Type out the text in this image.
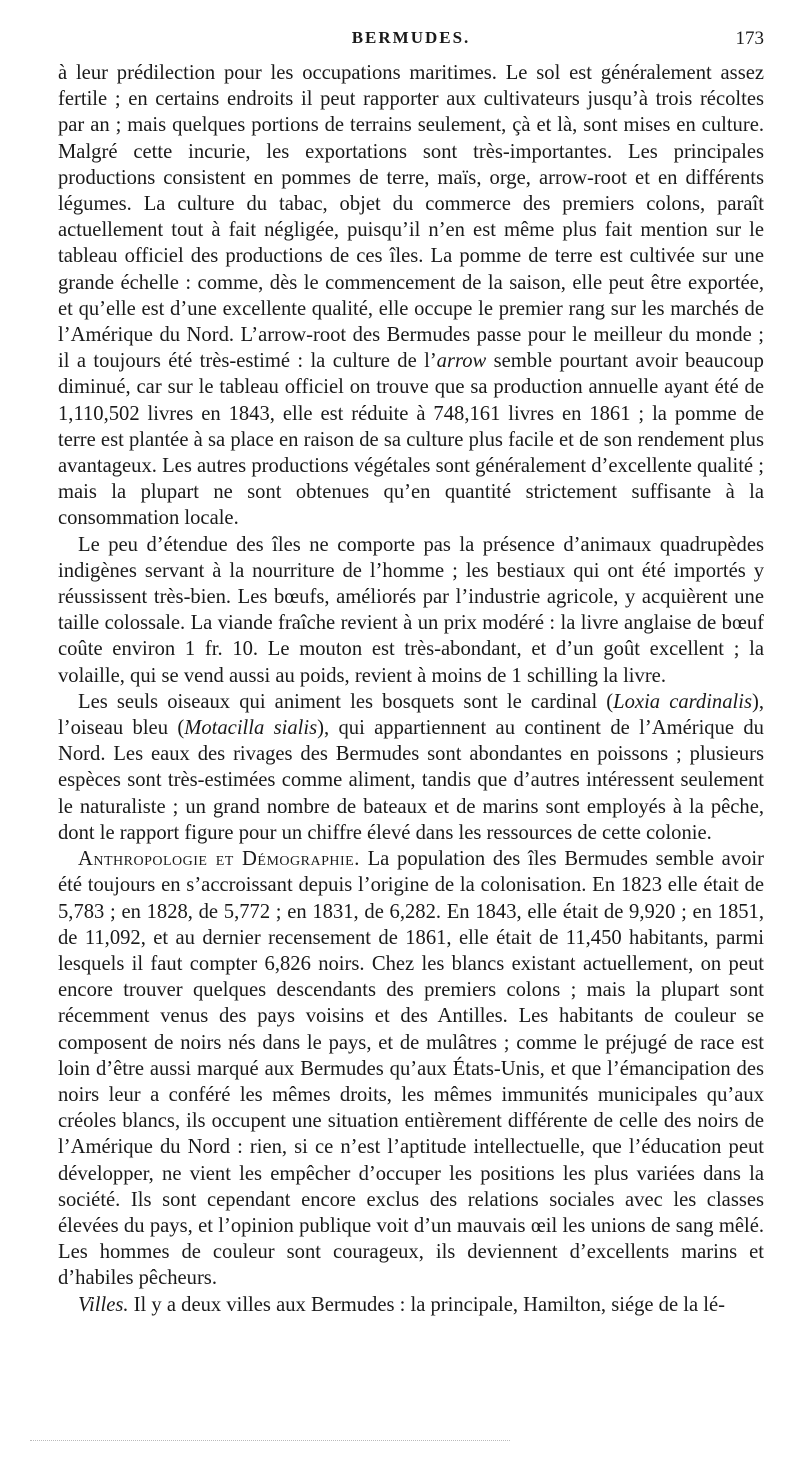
BERMUDES.	173

à leur prédilection pour les occupations maritimes. Le sol est généralement assez fertile ; en certains endroits il peut rapporter aux cultivateurs jusqu’à trois récoltes par an ; mais quelques portions de terrains seulement, çà et là, sont mises en culture. Malgré cette incurie, les exportations sont très-importantes. Les principales productions consistent en pommes de terre, maïs, orge, arrow-root et en différents légumes. La culture du tabac, objet du commerce des premiers colons, paraît actuellement tout à fait négligée, puisqu’il n’en est même plus fait mention sur le tableau officiel des productions de ces îles. La pomme de terre est cultivée sur une grande échelle : comme, dès le commencement de la saison, elle peut être exportée, et qu’elle est d’une excellente qualité, elle occupe le premier rang sur les marchés de l’Amérique du Nord. L’arrow-root des Bermudes passe pour le meilleur du monde ; il a toujours été très-estimé : la culture de l’arrow semble pourtant avoir beaucoup diminué, car sur le tableau officiel on trouve que sa production annuelle ayant été de 1,110,502 livres en 1843, elle est réduite à 748,161 livres en 1861 ; la pomme de terre est plantée à sa place en raison de sa culture plus facile et de son rendement plus avantageux. Les autres productions végétales sont généralement d’excellente qualité ; mais la plupart ne sont obtenues qu’en quantité strictement suffisante à la consommation locale.

Le peu d’étendue des îles ne comporte pas la présence d’animaux quadrupèdes indigènes servant à la nourriture de l’homme ; les bestiaux qui ont été importés y réussissent très-bien. Les bœufs, améliorés par l’industrie agricole, y acquièrent une taille colossale. La viande fraîche revient à un prix modéré : la livre anglaise de bœuf coûte environ 1 fr. 10. Le mouton est très-abondant, et d’un goût excellent ; la volaille, qui se vend aussi au poids, revient à moins de 1 schilling la livre.

Les seuls oiseaux qui animent les bosquets sont le cardinal (Loxia cardinalis), l’oiseau bleu (Motacilla sialis), qui appartiennent au continent de l’Amérique du Nord. Les eaux des rivages des Bermudes sont abondantes en poissons ; plusieurs espèces sont très-estimées comme aliment, tandis que d’autres intéressent seulement le naturaliste ; un grand nombre de bateaux et de marins sont employés à la pêche, dont le rapport figure pour un chiffre élevé dans les ressources de cette colonie.

Anthropologie et Démographie. La population des îles Bermudes semble avoir été toujours en s’accroissant depuis l’origine de la colonisation. En 1823 elle était de 5,783 ; en 1828, de 5,772 ; en 1831, de 6,282. En 1843, elle était de 9,920 ; en 1851, de 11,092, et au dernier recensement de 1861, elle était de 11,450 habitants, parmi lesquels il faut compter 6,826 noirs. Chez les blancs existant actuellement, on peut encore trouver quelques descendants des premiers colons ; mais la plupart sont récemment venus des pays voisins et des Antilles. Les habitants de couleur se composent de noirs nés dans le pays, et de mulâtres ; comme le préjugé de race est loin d’être aussi marqué aux Bermudes qu’aux États-Unis, et que l’émancipation des noirs leur a conféré les mêmes droits, les mêmes immunités municipales qu’aux créoles blancs, ils occupent une situation entièrement différente de celle des noirs de l’Amérique du Nord : rien, si ce n’est l’aptitude intellectuelle, que l’éducation peut développer, ne vient les empêcher d’occuper les positions les plus variées dans la société. Ils sont cependant encore exclus des relations sociales avec les classes élevées du pays, et l’opinion publique voit d’un mauvais œil les unions de sang mêlé. Les hommes de couleur sont courageux, ils deviennent d’excellents marins et d’habiles pêcheurs.

Villes. Il y a deux villes aux Bermudes : la principale, Hamilton, siége de la lé-
